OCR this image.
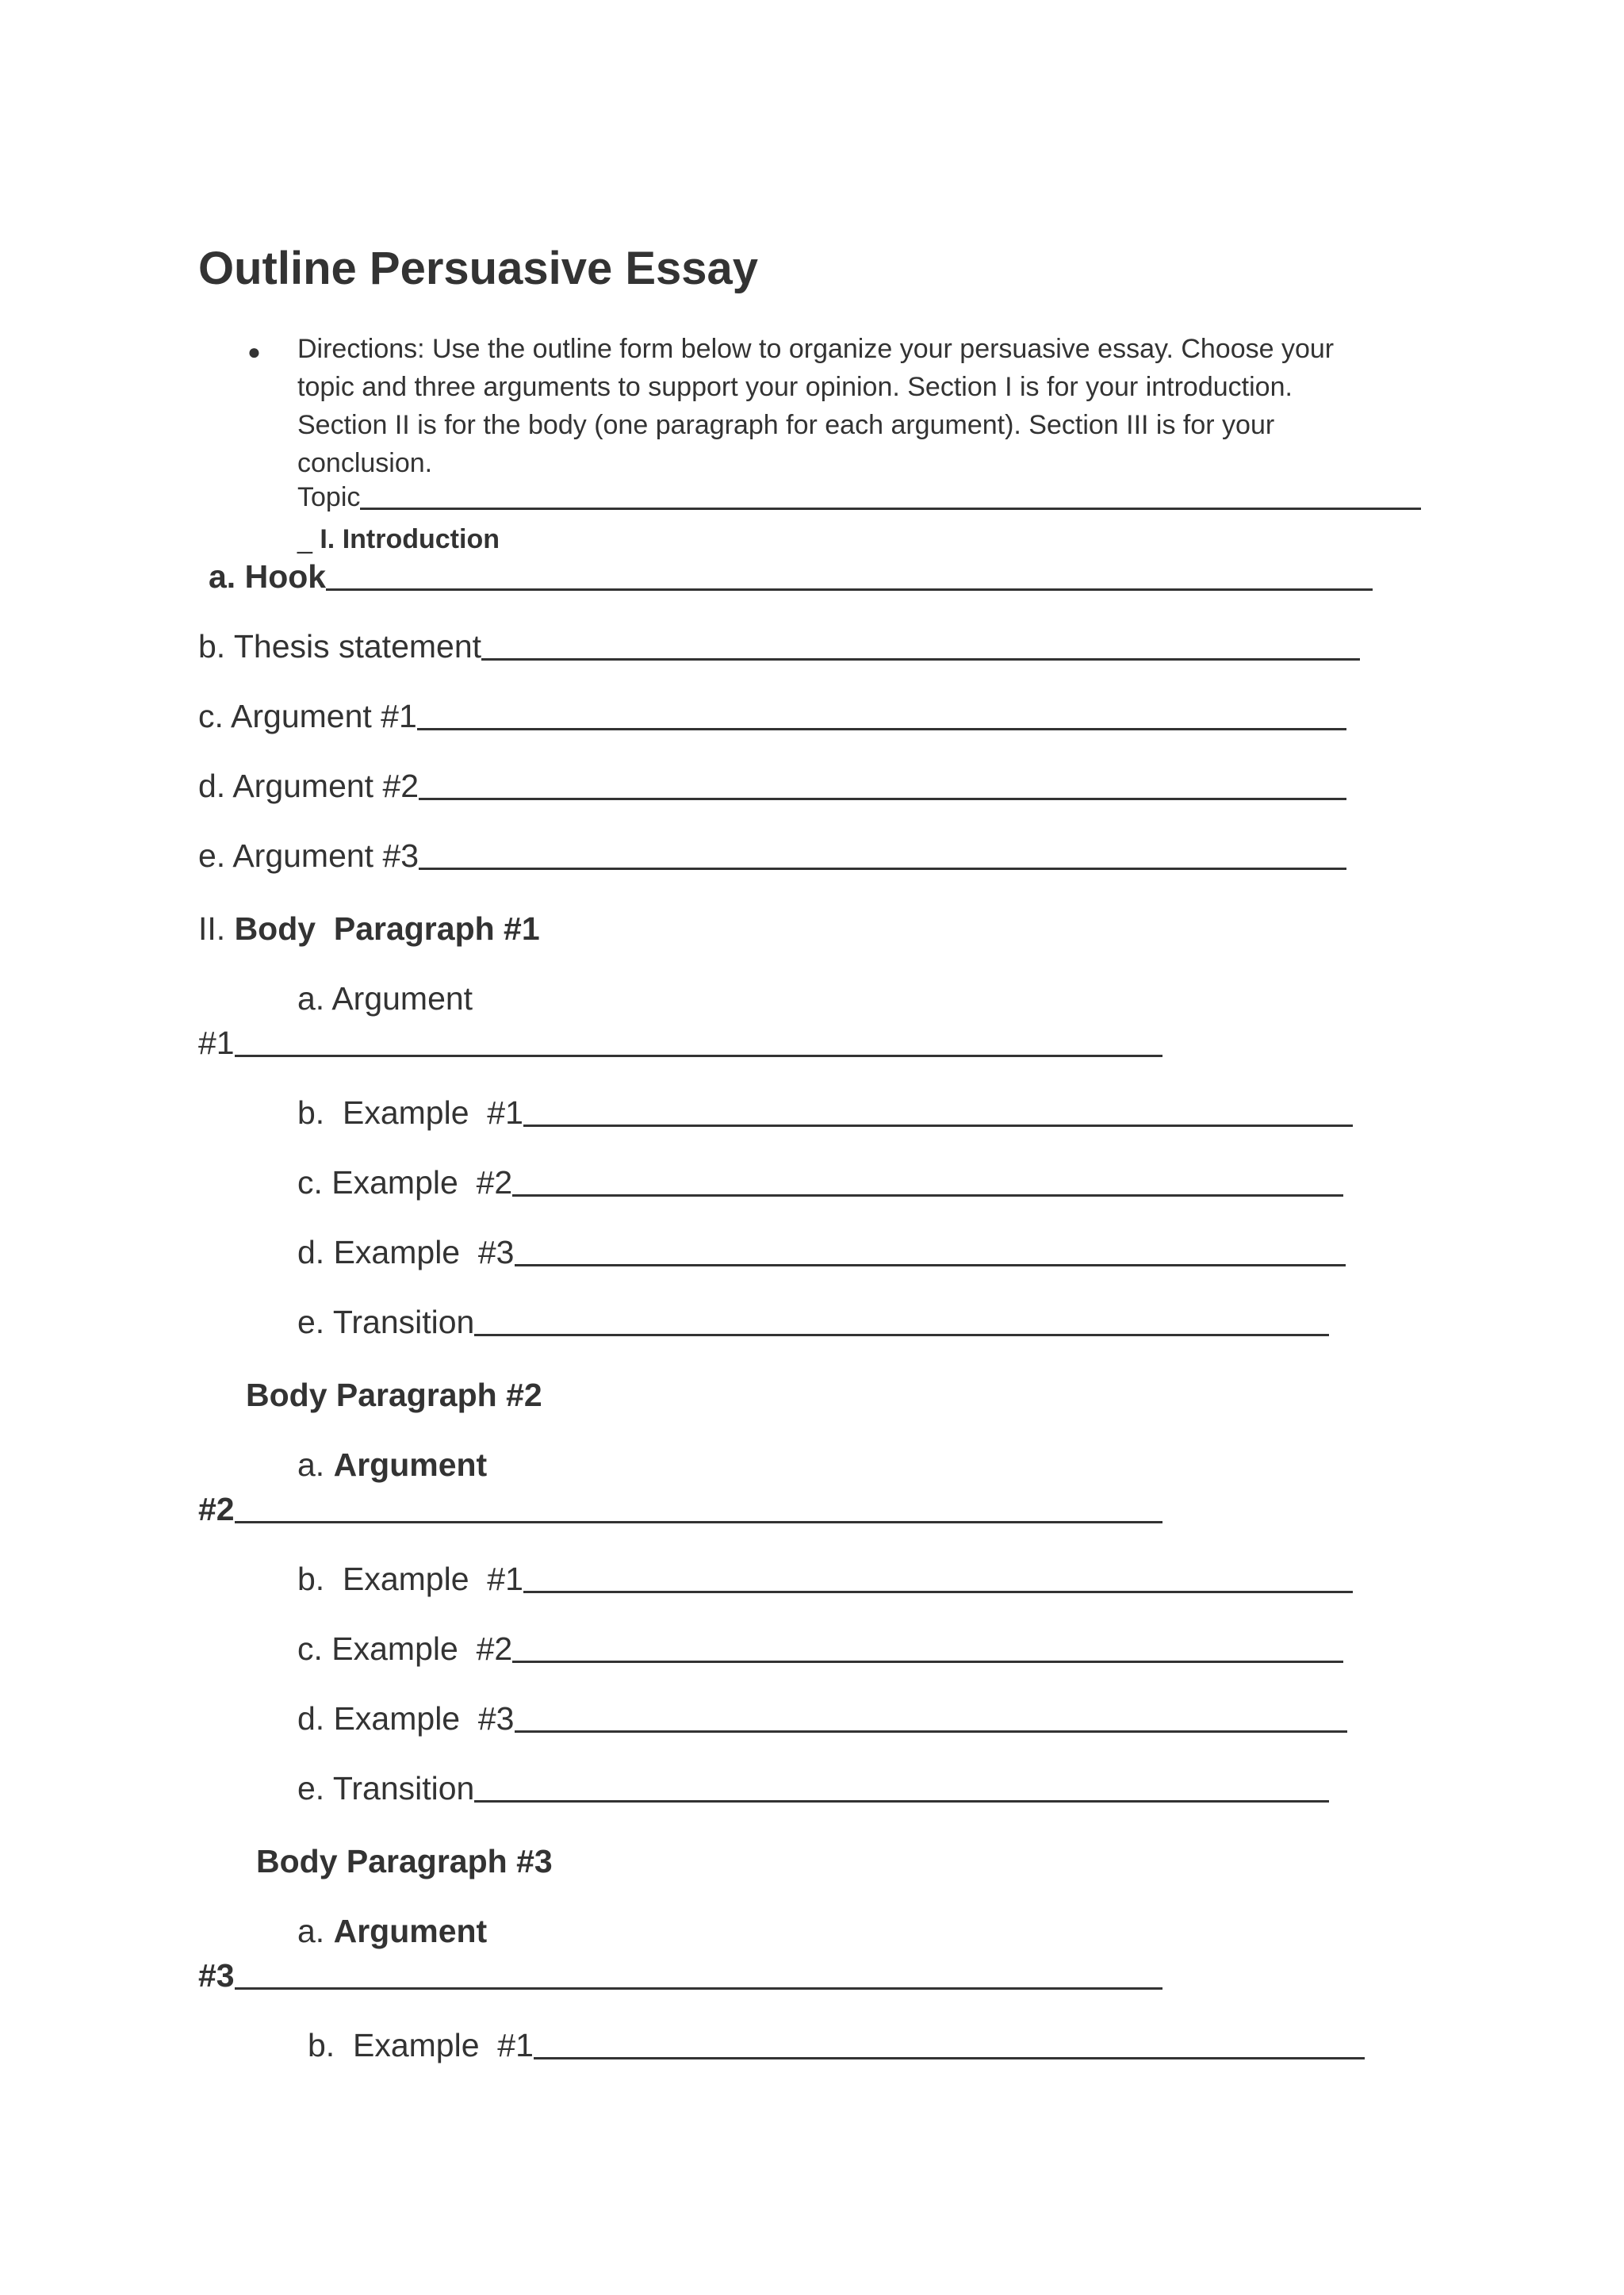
Outline Persuasive Essay
● Directions: Use the outline form below to organize your persuasive essay. Choose your
topic and three arguments to support your opinion. Section I is for your introduction.
Section II is for the body (one paragraph for each argument). Section III is for your
conclusion.
Topic
_ I. Introduction
a. Hook
b. Thesis statement
c. Argument #1
d. Argument #2
e. Argument #3
II. Body  Paragraph #1
a. Argument
#1
b.  Example  #1
c. Example  #2
d. Example  #3
e. Transition
Body Paragraph #2
a. Argument
#2
b.  Example  #1
c. Example  #2
d. Example  #3
e. Transition
Body Paragraph #3
a. Argument
#3
b.  Example  #1
